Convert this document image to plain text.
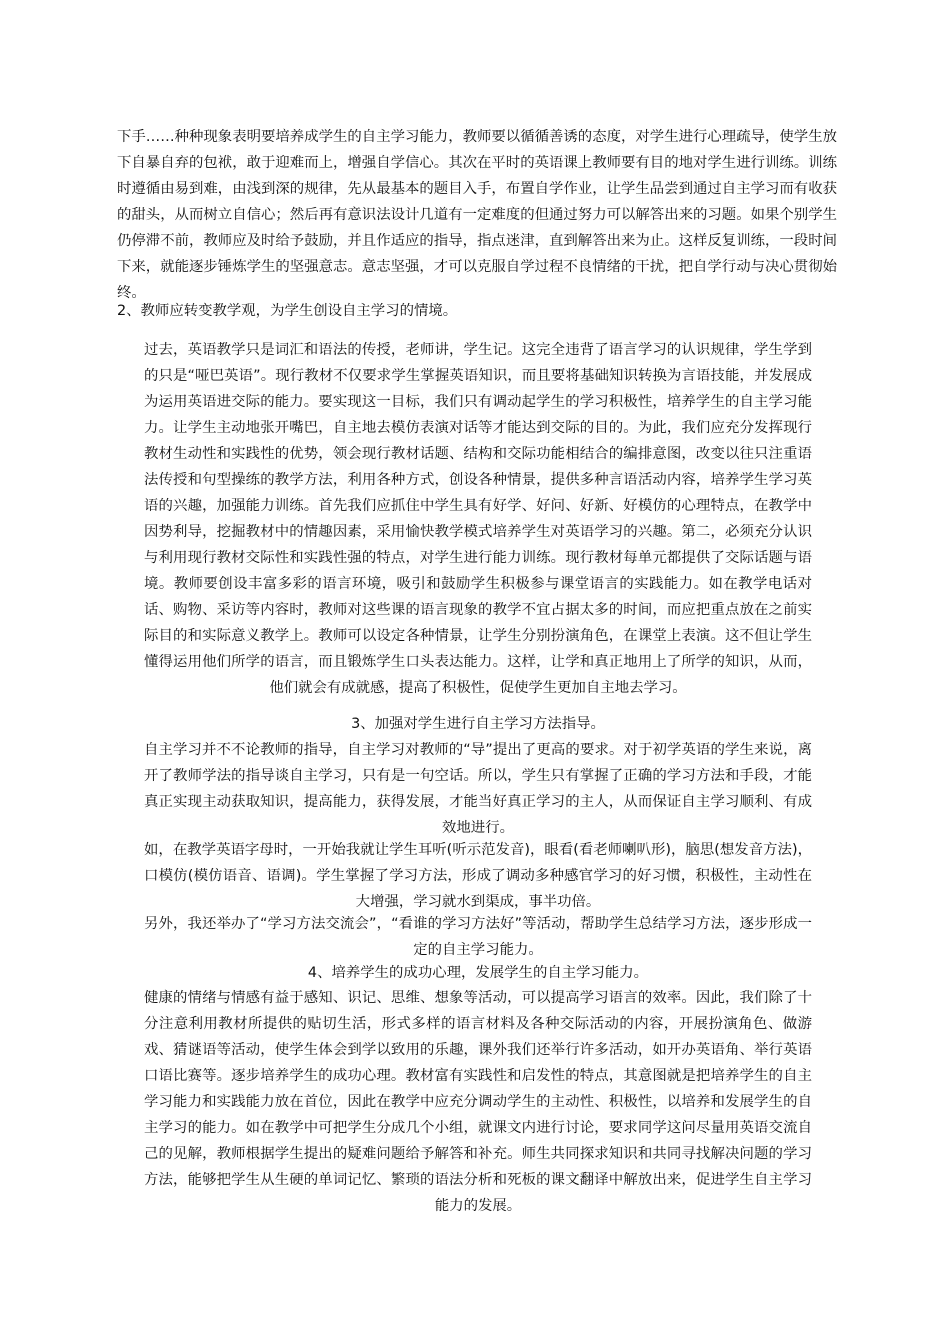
下手……种种现象表明要培养成学生的自主学习能力，教师要以循循善诱的态度，对学生进行心理疏导，使学生放下自暴自弃的包袱，敢于迎难而上，增强自学信心。其次在平时的英语课上教师要有目的地对学生进行训练。训练时遵循由易到难，由浅到深的规律，先从最基本的题目入手，布置自学作业，让学生品尝到通过自主学习而有收获的甜头，从而树立自信心；然后再有意识法设计几道有一定难度的但通过努力可以解答出来的习题。如果个别学生仍停滞不前，教师应及时给予鼓励，并且作适应的指导，指点迷津，直到解答出来为止。这样反复训练，一段时间下来，就能逐步锤炼学生的坚强意志。意志坚强，才可以克服自学过程不良情绪的干扰，把自学行动与决心贯彻始终。

2、教师应转变教学观，为学生创设自主学习的情境。

过去，英语教学只是词汇和语法的传授，老师讲，学生记。这完全违背了语言学习的认识规律，学生学到的只是“哑巴英语”。现行教材不仅要求学生掌握英语知识，而且要将基础知识转换为言语技能，并发展成为运用英语进交际的能力。要实现这一目标，我们只有调动起学生的学习积极性，培养学生的自主学习能力。让学生主动地张开嘴巴，自主地去模仿表演对话等才能达到交际的目的。为此，我们应充分发挥现行教材生动性和实践性的优势，领会现行教材话题、结构和交际功能相结合的编排意图，改变以往只注重语法传授和句型操练的教学方法，利用各种方式，创设各种情景，提供多种言语活动内容，培养学生学习英语的兴趣，加强能力训练。首先我们应抓住中学生具有好学、好问、好新、好模仿的心理特点，在教学中因势利导，挖掘教材中的情趣因素，采用愉快教学模式培养学生对英语学习的兴趣。第二，必须充分认识与利用现行教材交际性和实践性强的特点，对学生进行能力训练。现行教材每单元都提供了交际话题与语境。教师要创设丰富多彩的语言环境，吸引和鼓励学生积极参与课堂语言的实践能力。如在教学电话对话、购物、采访等内容时，教师对这些课的语言现象的教学不宜占据太多的时间，而应把重点放在之前实际目的和实际意义教学上。教师可以设定各种情景，让学生分别扮演角色，在课堂上表演。这不但让学生懂得运用他们所学的语言，而且锻炼学生口头表达能力。这样，让学和真正地用上了所学的知识，从而，他们就会有成就感，提高了积极性，促使学生更加自主地去学习。

3、加强对学生进行自主学习方法指导。

自主学习并不不论教师的指导，自主学习对教师的“导”提出了更高的要求。对于初学英语的学生来说，离开了教师学法的指导谈自主学习，只有是一句空话。所以，学生只有掌握了正确的学习方法和手段，才能真正实现主动获取知识，提高能力，获得发展，才能当好真正学习的主人，从而保证自主学习顺利、有成效地进行。

如，在教学英语字母时，一开始我就让学生耳听(听示范发音)，眼看(看老师喇叭形)，脑思(想发音方法)，口模仿(模仿语音、语调)。学生掌握了学习方法，形成了调动多种感官学习的好习惯，积极性，主动性在大增强，学习就水到渠成，事半功倍。

另外，我还举办了“学习方法交流会”，“看谁的学习方法好”等活动，帮助学生总结学习方法，逐步形成一定的自主学习能力。

4、培养学生的成功心理，发展学生的自主学习能力。

健康的情绪与情感有益于感知、识记、思维、想象等活动，可以提高学习语言的效率。因此，我们除了十分注意利用教材所提供的贴切生活，形式多样的语言材料及各种交际活动的内容，开展扮演角色、做游戏、猜谜语等活动，使学生体会到学以致用的乐趣，课外我们还举行许多活动，如开办英语角、举行英语口语比赛等。逐步培养学生的成功心理。教材富有实践性和启发性的特点，其意图就是把培养学生的自主学习能力和实践能力放在首位，因此在教学中应充分调动学生的主动性、积极性，以培养和发展学生的自主学习的能力。如在教学中可把学生分成几个小组，就课文内进行讨论，要求同学这问尽量用英语交流自己的见解，教师根据学生提出的疑难问题给予解答和补充。师生共同探求知识和共同寻找解决问题的学习方法，能够把学生从生硬的单词记忆、繁琐的语法分析和死板的课文翻译中解放出来，促进学生自主学习能力的发展。
